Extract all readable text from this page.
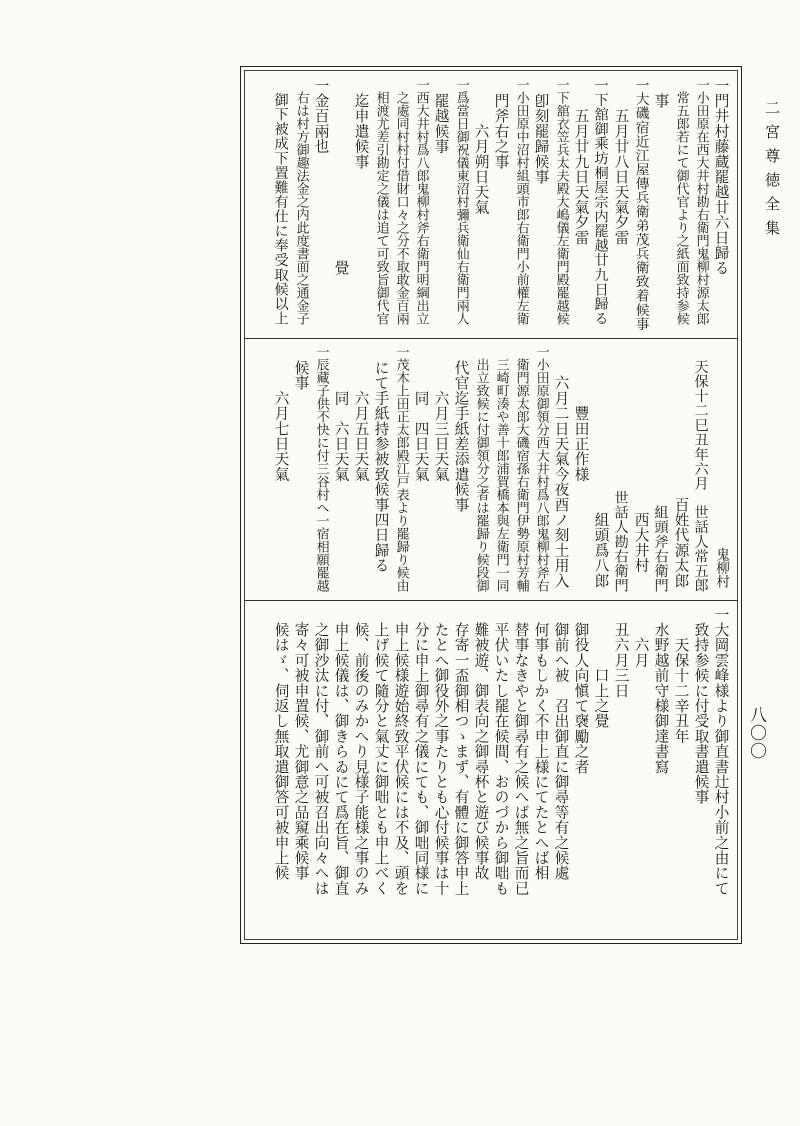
二宮尊徳全集
八〇〇
一門井村藤蔵罷越廿六日歸る
一小田原在西大井村勘右衛門鬼柳村源太郎
　常五郎若にて御代官より之紙面致持参候
　事
一大磯宿近江屋傳兵衛弟茂兵衛致着候事
　　五月廿八日天氣夕雷
一下舘御乘坊桐屋宗内罷越廿九日歸る
　　五月廿九日天氣夕雷
一下舘衣笠兵太夫殿大嶋儀左衛門殿罷越候
　卽刻罷歸候事
一小田原中沼村組頭市郎右衛門小前權左衛
　門斧右之事
　　　六月朔日天氣
一爲當日御祝儀東沼村彌兵衛仙右衛門兩人
　罷越候事
一西大井村爲八郎鬼柳村斧右衛門明綱出立
　之處同村村付借財口々之分不取敢金百兩
　相渡尤差引勘定之儀は追て可致旨御代官
　迄申遣候事
　　　　　　　　　　　　覺
一金百兩也
　右は村方御趣法金之内此度書面之通金子
　御下被成下置難有仕に奉受取候以上
　　　　　　　　　　　　　　　鬼柳村
　天保十二巳丑年六月　世話人常五郎
　　　　　　　　　　百姓代源太郎
　　　　　　　　　　　組頭斧右衛門
　　　　　　　　　　　西大井村
　　　　　　　　　　世話人勘右衛門
　　　　　　　　　　　組頭爲八郎
　　　　豐田正作様
　　六月二日天氣今夜酉ノ刻土用入
一小田原御領分西大井村爲八郎鬼柳村斧右
　衛門源太郎大磯宿孫右衛門伊勢原村芳輔
　三崎町湊や善十郎浦賀橋本與左衛門一同
　出立致候に付御領分之者は罷歸り候段御
　代官迄手紙差添遣候事
　　　六月三日天氣
　　　同　四日天氣
一茂木上田正太郎殿江戸表より罷歸り候由
　にて手紙持参被致候事四日歸る
　　　六月五日天氣
　　　同　六日天氣
一辰藏子供不快に付三谷村へ一宿相願罷越
　候事
　　　六月七日天氣
一大岡雲峰様より御直書辻村小前之由にて
　致持参候に付受取書遣候事
　　天保十二辛丑年
　水野越前守様御達書寫
　　六月
　丑六月三日
　　　　口上之覺
　御役人向愼て襃勵之者
　御前へ被　召出御直に御尋等有之候處
　何事もしかく不申上様にてたとへば相
　替事なきやと御尋有之候へば無之旨而已
　平伏いたし罷在候間、おのづから御咄も
　難被遊、御表向之御尋杯と遊び候事故
　存寄一盃御相つゝまず、有體に御答申上
　たとへ御役外之事たりとも心付候事は十
　分に申上御尋有之儀にても、御咄同様に
　申上候様遊始終致平伏候には不及、頭を
　上げ候て隨分と氣丈に御咄とも申上べく
　候、前後のみかへり見様子能様之事のみ
　申上候儀は、御きらゐにて爲在旨、御直
　之御沙汰に付、御前へ可被召出向々へは
　寄々可被申置候、尤御意之品窺乘候事
　候はゞ、伺返し無取遣御答可被申上候
